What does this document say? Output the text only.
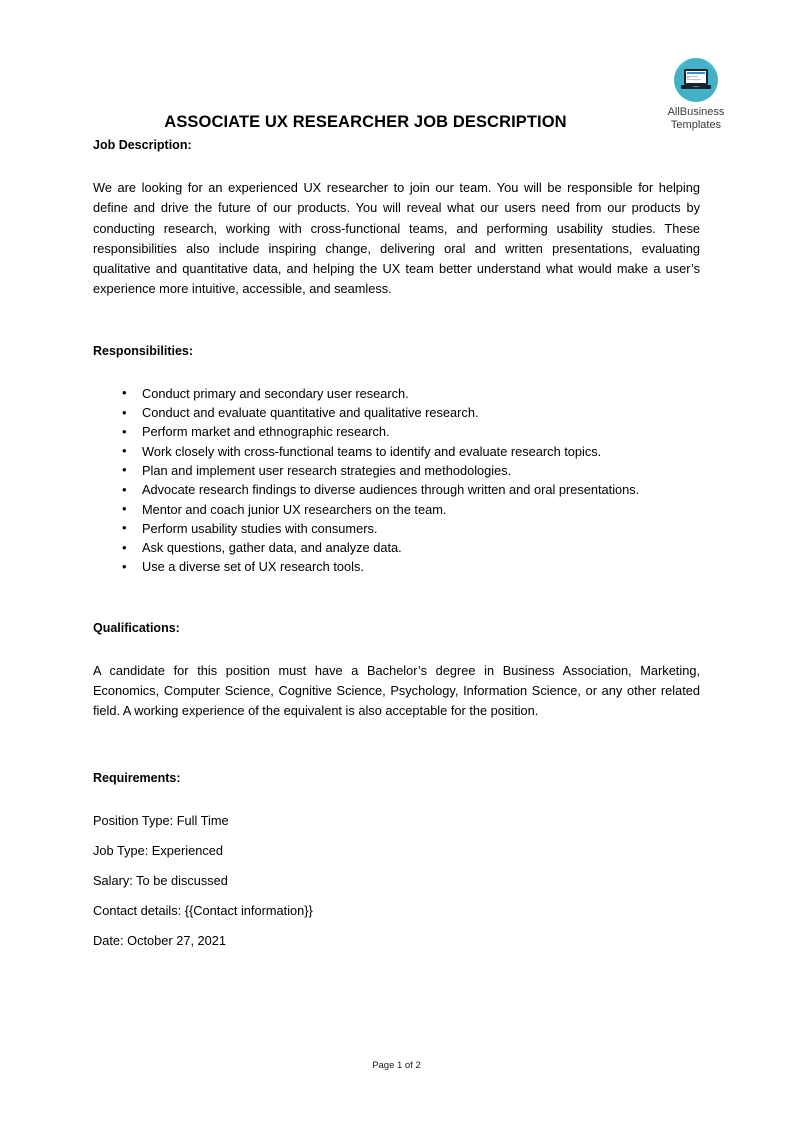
AllBusiness
Templates
ASSOCIATE UX RESEARCHER JOB DESCRIPTION
Job Description:

We are looking for an experienced UX researcher to join our team. You will be responsible for helping define and drive the future of our products. You will reveal what our users need from our products by conducting research, working with cross-functional teams, and performing usability studies. These responsibilities also include inspiring change, delivering oral and written presentations, evaluating qualitative and quantitative data, and helping the UX team better understand what would make a user’s experience more intuitive, accessible, and seamless.

Responsibilities:
• Conduct primary and secondary user research.
• Conduct and evaluate quantitative and qualitative research.
• Perform market and ethnographic research.
• Work closely with cross-functional teams to identify and evaluate research topics.
• Plan and implement user research strategies and methodologies.
• Advocate research findings to diverse audiences through written and oral presentations.
• Mentor and coach junior UX researchers on the team.
• Perform usability studies with consumers.
• Ask questions, gather data, and analyze data.
• Use a diverse set of UX research tools.
Qualifications:

A candidate for this position must have a Bachelor’s degree in Business Association, Marketing, Economics, Computer Science, Cognitive Science, Psychology, Information Science, or any other related field. A working experience of the equivalent is also acceptable for the position.

Requirements:

Position Type: Full Time

Job Type: Experienced

Salary: To be discussed

Contact details: {{Contact information}}

Date: October 27, 2021

Page 1 of 2
